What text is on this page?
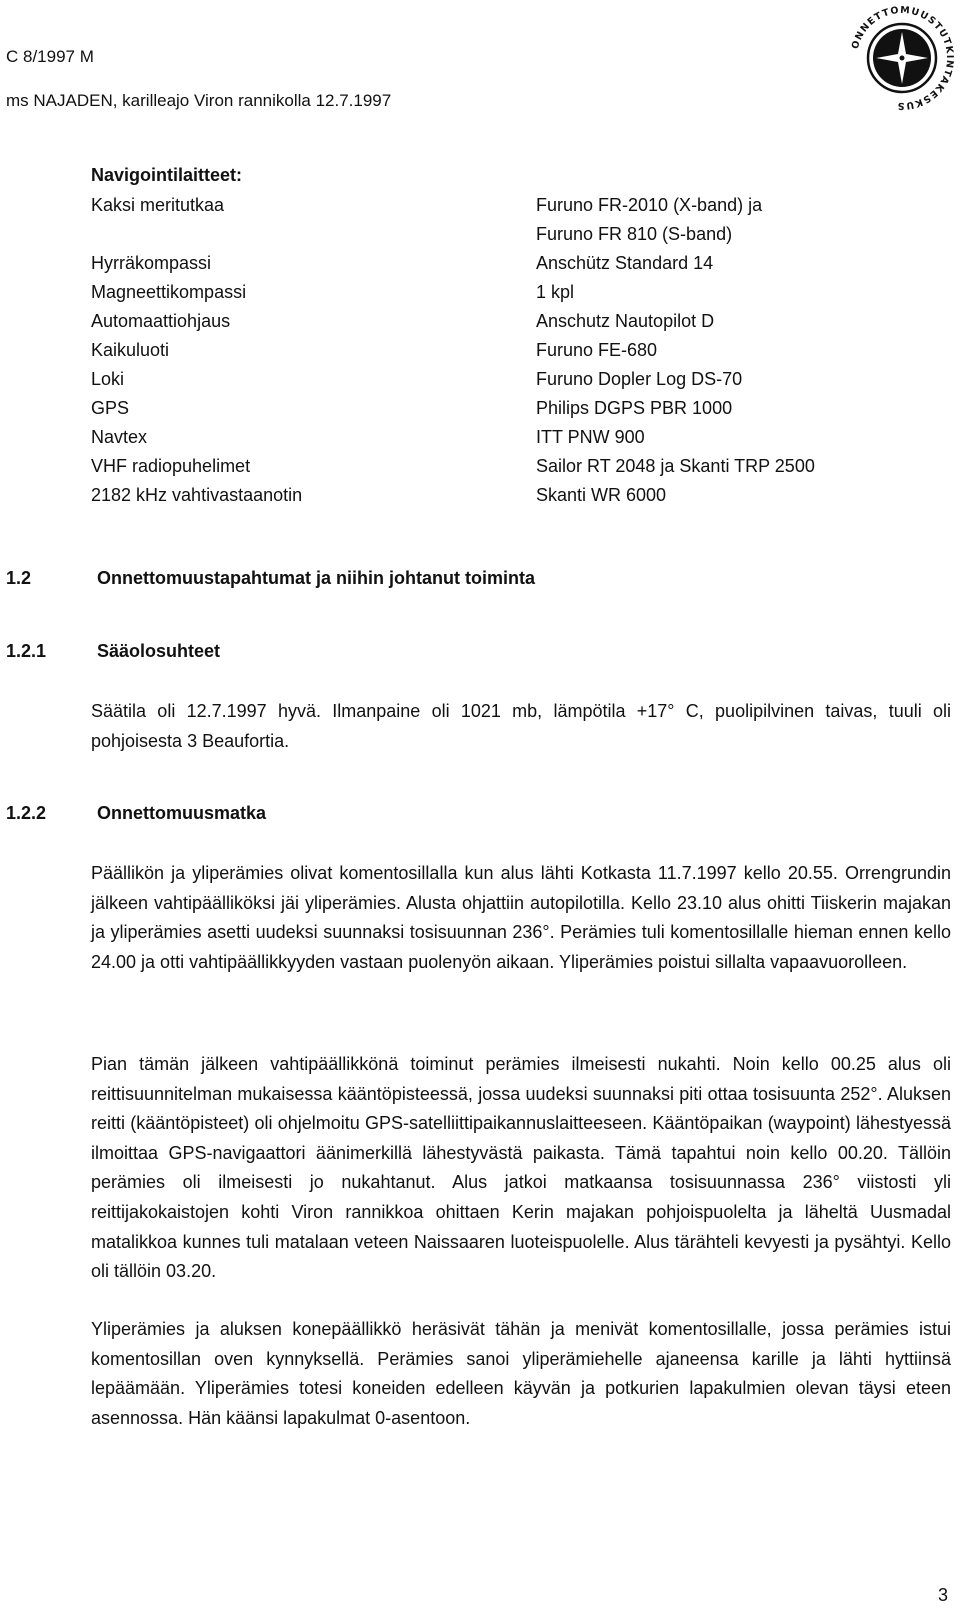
C 8/1997 M
ms NAJADEN, karilleajo Viron rannikolla 12.7.1997
ONNETTOMUUSTUTKINTAKESKUS
Navigointilaitteet:
Kaksi meritutkaa	Furuno FR-2010 (X-band) ja
Furuno FR 810 (S-band)
Hyrräkompassi	Anschütz Standard 14
Magneettikompassi	1 kpl
Automaattiohjaus	Anschutz Nautopilot D
Kaikuluoti	Furuno FE-680
Loki	Furuno Dopler Log DS-70
GPS	Philips DGPS PBR 1000
Navtex	ITT PNW 900
VHF radiopuhelimet	Sailor RT 2048 ja Skanti TRP 2500
2182 kHz vahtivastaanotin	Skanti WR 6000
1.2	Onnettomuustapahtumat ja niihin johtanut toiminta
1.2.1	Sääolosuhteet

Säätila oli 12.7.1997 hyvä. Ilmanpaine oli 1021 mb, lämpötila +17° C, puolipilvinen taivas, tuuli oli pohjoisesta 3 Beaufortia.

1.2.2	Onnettomuusmatka

Päällikön ja yliperämies olivat komentosillalla kun alus lähti Kotkasta 11.7.1997 kello 20.55. Orrengrundin jälkeen vahtipäälliköksi jäi yliperämies. Alusta ohjattiin autopilotilla. Kello 23.10 alus ohitti Tiiskerin majakan ja yliperämies asetti uudeksi suunnaksi tosisuunnan 236°. Perämies tuli komentosillalle hieman ennen kello 24.00 ja otti vahtipäällikkyyden vastaan puolenyön aikaan. Yliperämies poistui sillalta vapaavuorolleen.

Pian tämän jälkeen vahtipäällikkönä toiminut perämies ilmeisesti nukahti. Noin kello 00.25 alus oli reittisuunnitelman mukaisessa kääntöpisteessä, jossa uudeksi suunnaksi piti ottaa tosisuunta 252°. Aluksen reitti (kääntöpisteet) oli ohjelmoitu GPS-satelliittipaikannuslaitteeseen. Kääntöpaikan (waypoint) lähestyessä ilmoittaa GPS-navigaattori äänimerkillä lähestyvästä paikasta. Tämä tapahtui noin kello 00.20. Tällöin perämies oli ilmeisesti jo nukahtanut. Alus jatkoi matkaansa tosisuunnassa 236° viistosti yli reittijakokaistojen kohti Viron rannikkoa ohittaen Kerin majakan pohjoispuolelta ja läheltä Uusmadal matalikkoa kunnes tuli matalaan veteen Naissaaren luoteispuolelle. Alus tärähteli kevyesti ja pysähtyi. Kello oli tällöin 03.20.

Yliperämies ja aluksen konepäällikkö heräsivät tähän ja menivät komentosillalle, jossa perämies istui komentosillan oven kynnyksellä. Perämies sanoi yliperämiehelle ajaneensa karille ja lähti hyttiinsä lepäämään. Yliperämies totesi koneiden edelleen käyvän ja potkurien lapakulmien olevan täysi eteen asennossa. Hän käänsi lapakulmat 0-asentoon.

3
